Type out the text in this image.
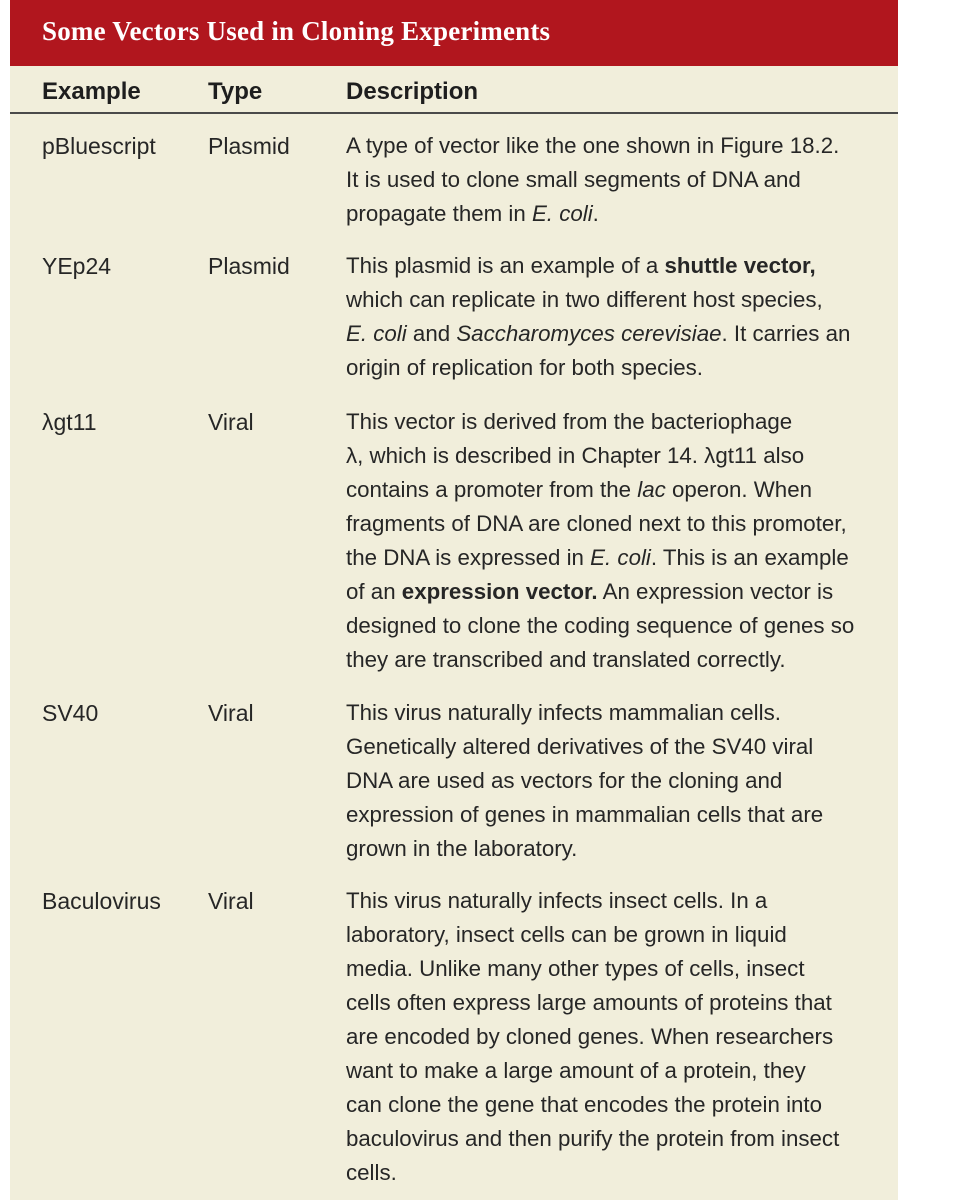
Some Vectors Used in Cloning Experiments
Example	Type	Description
pBluescript Plasmid	A type of vector like the one shown in Figure 18.2.
It is used to clone small segments of DNA and
propagate them in E. coli.
YEp24	Plasmid	This plasmid is an example of a shuttle vector,
which can replicate in two different host species,
E. coli and Saccharomyces cerevisiae. It carries an
origin of replication for both species.
λgt11	Viral	This vector is derived from the bacteriophage
λ, which is described in Chapter 14. λgt11 also
contains a promoter from the lac operon. When
fragments of DNA are cloned next to this promoter,
the DNA is expressed in E. coli. This is an example
of an expression vector. An expression vector is
designed to clone the coding sequence of genes so
they are transcribed and translated correctly.
SV40	Viral	This virus naturally infects mammalian cells.
Genetically altered derivatives of the SV40 viral
DNA are used as vectors for the cloning and
expression of genes in mammalian cells that are
grown in the laboratory.
Baculovirus Viral	This virus naturally infects insect cells. In a
laboratory, insect cells can be grown in liquid
media. Unlike many other types of cells, insect
cells often express large amounts of proteins that
are encoded by cloned genes. When researchers
want to make a large amount of a protein, they
can clone the gene that encodes the protein into
baculovirus and then purify the protein from insect
cells.
